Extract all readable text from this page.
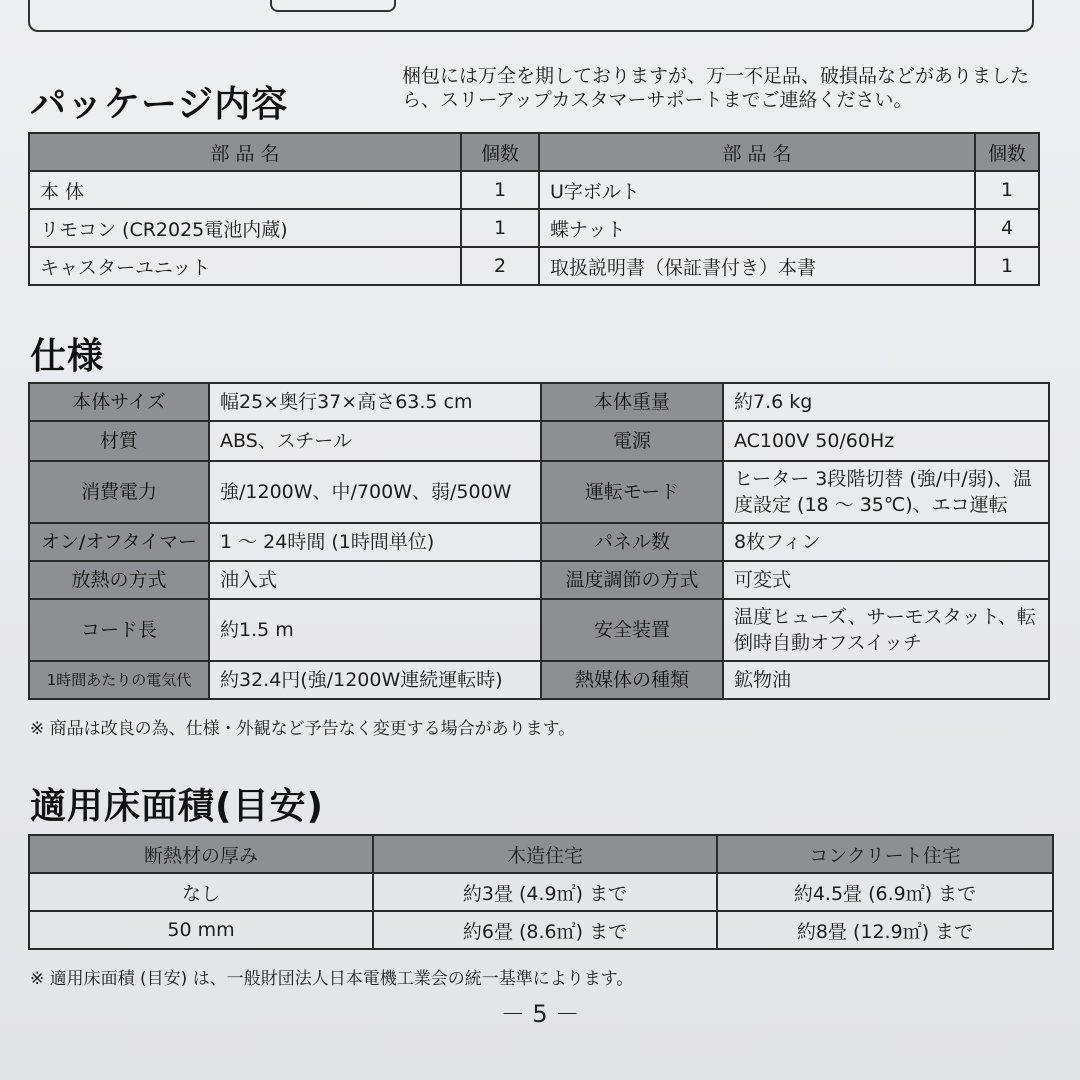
パッケージ内容
梱包には万全を期しておりますが、万一不足品、破損品などがありましたら、スリーアップカスタマーサポートまでご連絡ください。
部 品 名	個数	部 品 名	個数
本 体	1	U字ボルト	1
リモコン (CR2025電池内蔵)	1	蝶ナット	4
キャスターユニット	2	取扱説明書（保証書付き）本書	1
仕様
本体サイズ	幅25×奥行37×高さ63.5 cm	本体重量	約7.6 kg
材質	ABS、スチール	電源	AC100V 50/60Hz
消費電力	強/1200W、中/700W、弱/500W	運転モード	ヒーター 3段階切替 (強/中/弱)、温度設定 (18 ～ 35℃)、エコ運転
オン/オフタイマー	1 ～ 24時間 (1時間単位)	パネル数	8枚フィン
放熱の方式	油入式	温度調節の方式	可変式
コード長	約1.5 m	安全装置	温度ヒューズ、サーモスタット、転倒時自動オフスイッチ
1時間あたりの電気代	約32.4円(強/1200W連続運転時)	熱媒体の種類	鉱物油
※ 商品は改良の為、仕様・外観など予告なく変更する場合があります。
適用床面積(目安)
断熱材の厚み	木造住宅	コンクリート住宅
なし	約3畳 (4.9㎡) まで	約4.5畳 (6.9㎡) まで
50 mm	約6畳 (8.6㎡) まで	約8畳 (12.9㎡) まで
※ 適用床面積 (目安) は、一般財団法人日本電機工業会の統一基準によります。
－ 5 －
